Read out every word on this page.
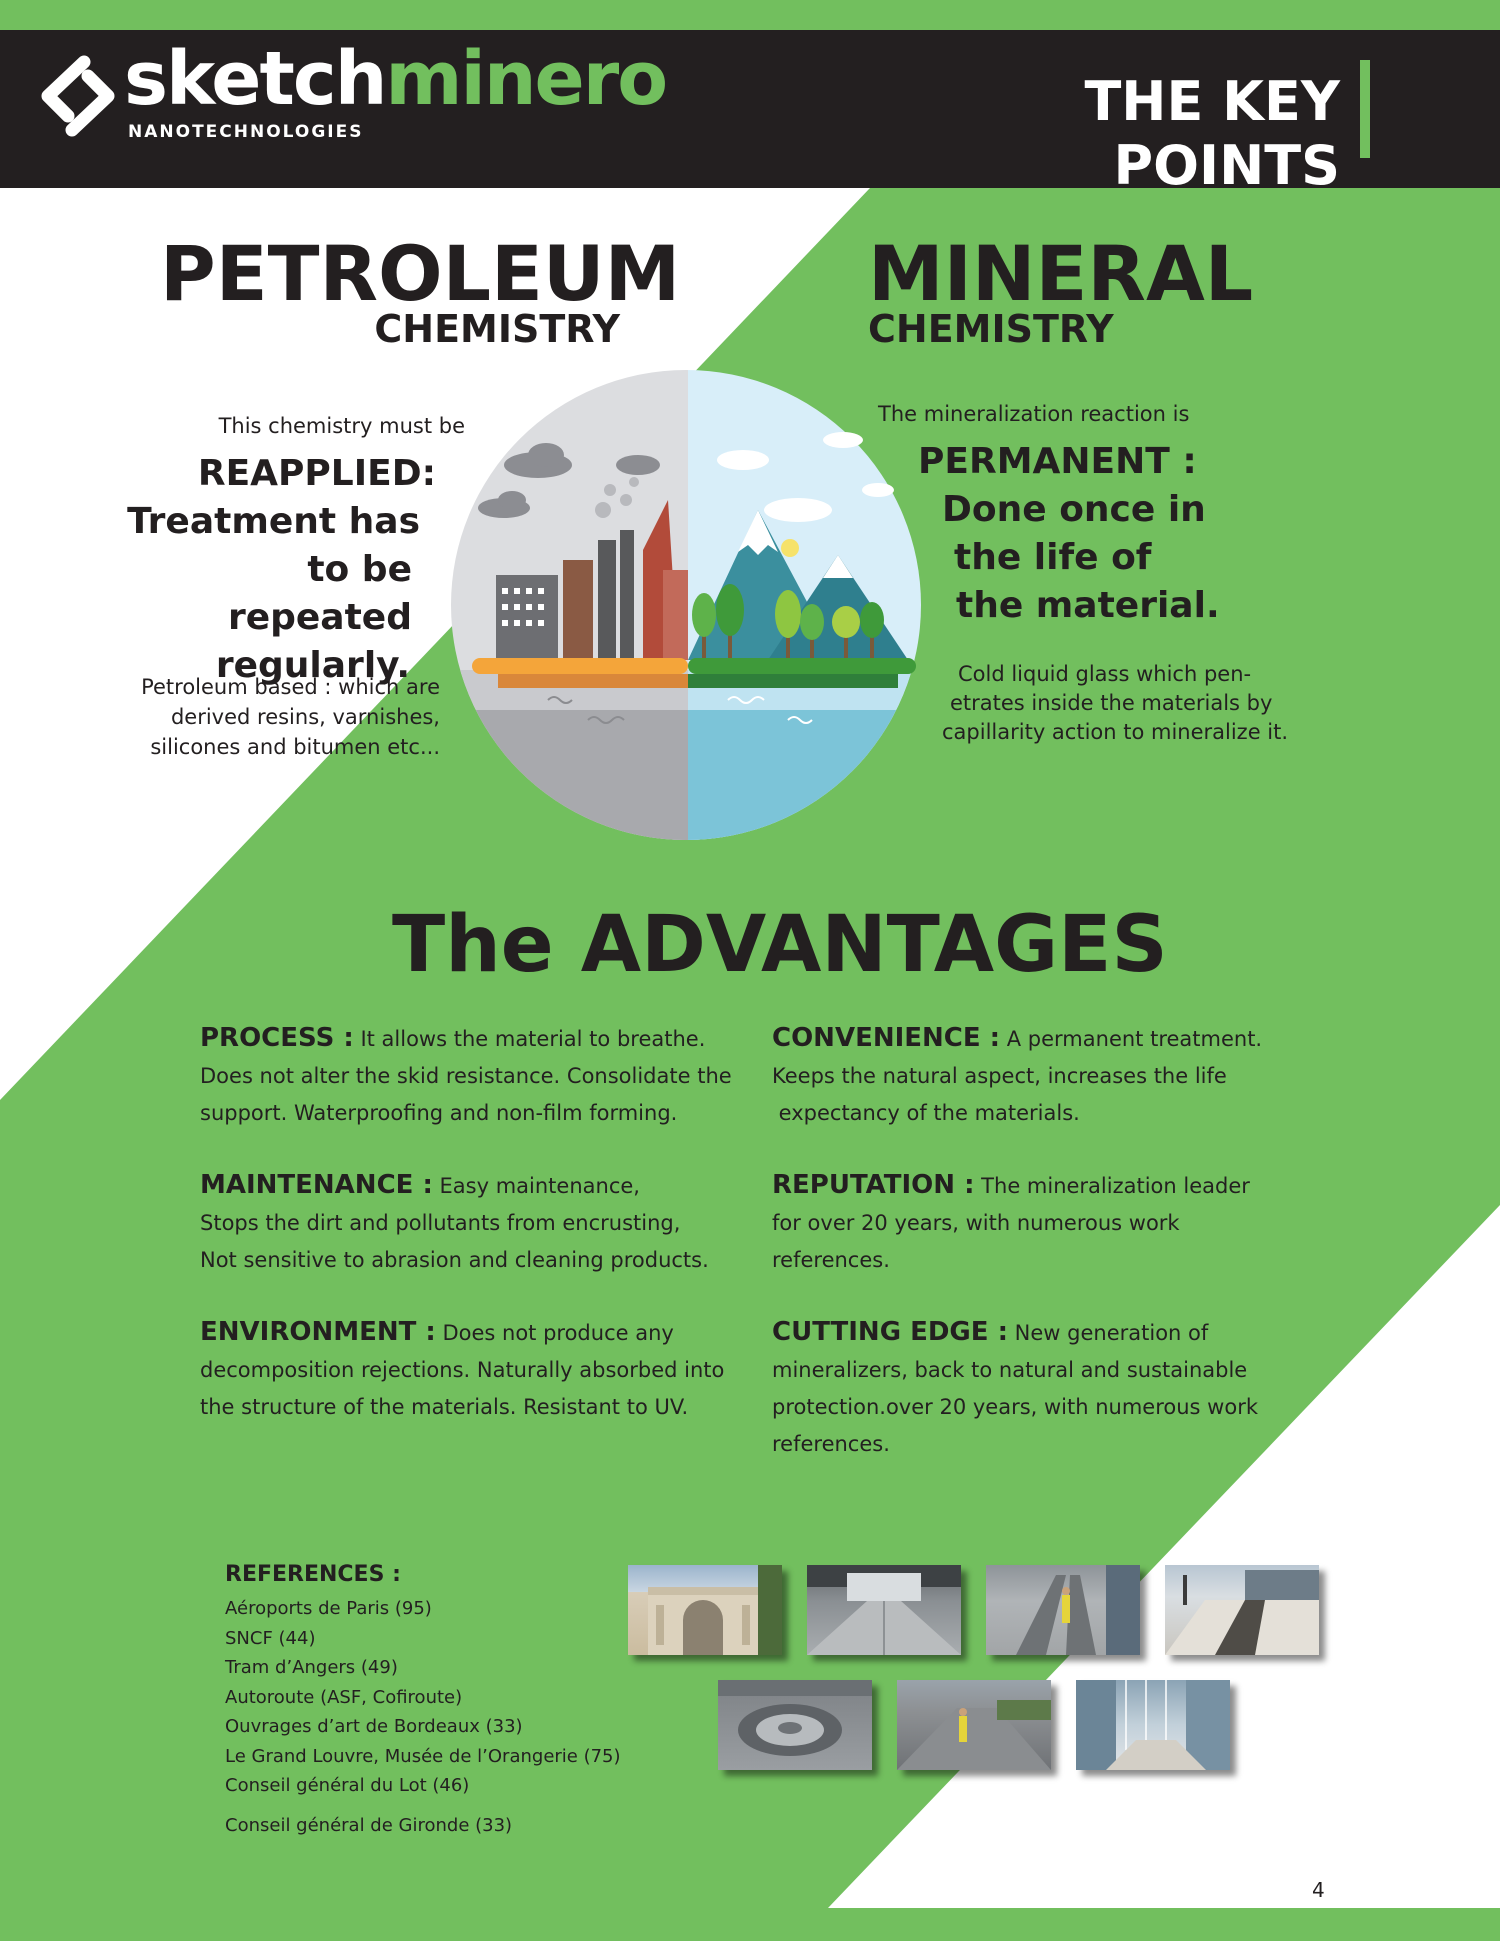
sketchminero
NANOTECHNOLOGIES	THE KEY POINTS
PETROLEUM
CHEMISTRY
This chemistry must be
REAPPLIED:
Treatment has
to be repeated
regularly.
Petroleum based : which are
derived resins, varnishes,
silicones and bitumen etc...
MINERAL
CHEMISTRY
The mineralization reaction is
PERMANENT :
Done once in
the life of
the material.
Cold liquid glass which pen-
etrates inside the materials by
capillarity action to mineralize it.
The ADVANTAGES
PROCESS : It allows the material to breathe.
Does not alter the skid resistance. Consolidate the
support. Waterproofing and non-film forming.
MAINTENANCE : Easy maintenance,
Stops the dirt and pollutants from encrusting,
Not sensitive to abrasion and cleaning products.
ENVIRONMENT : Does not produce any
decomposition rejections. Naturally absorbed into
the structure of the materials. Resistant to UV.
CONVENIENCE : A permanent treatment.
Keeps the natural aspect, increases the life
expectancy of the materials.
REPUTATION : The mineralization leader
for over 20 years, with numerous work
references.
CUTTING EDGE : New generation of
mineralizers, back to natural and sustainable
protection.over 20 years, with numerous work
references.
REFERENCES :
Aéroports de Paris (95)
SNCF (44)
Tram d’Angers (49)
Autoroute (ASF, Cofiroute)
Ouvrages d’art de Bordeaux (33)
Le Grand Louvre, Musée de l’Orangerie (75)
Conseil général du Lot (46)
Conseil général de Gironde (33)
4
